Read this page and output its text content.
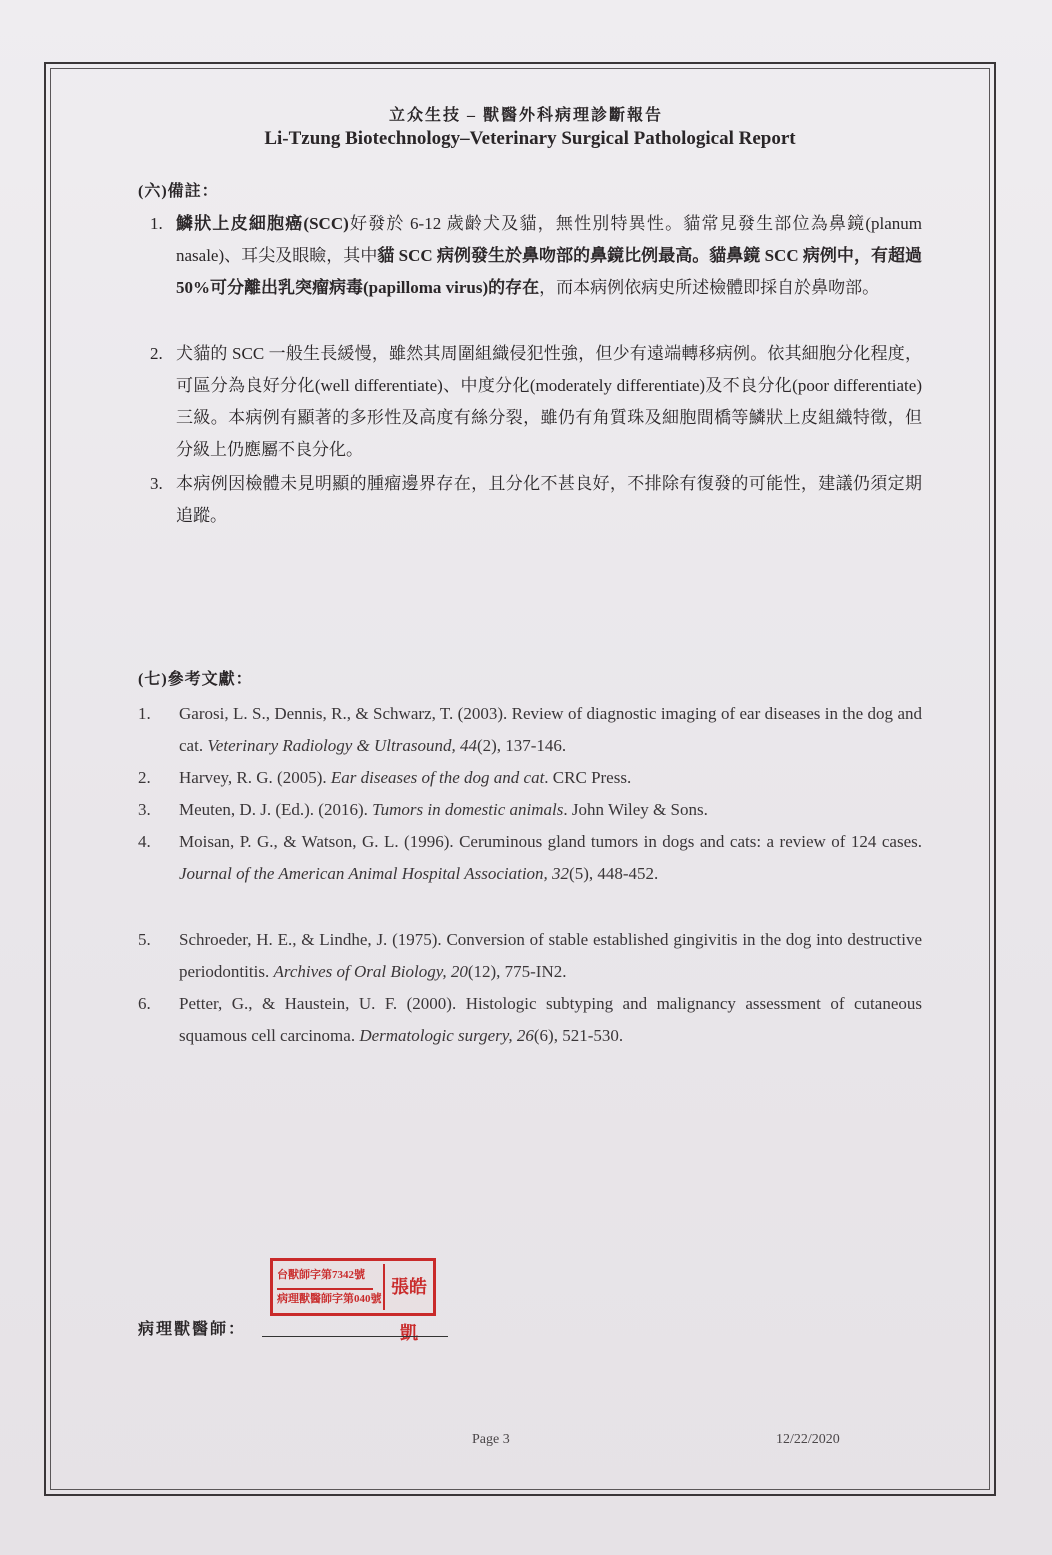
立众生技 – 獸醫外科病理診斷報告
Li-Tzung Biotechnology–Veterinary Surgical Pathological Report
(六)備註：
1. 鱗狀上皮細胞癌(SCC)好發於 6-12 歲齡犬及貓，無性別特異性。貓常見發生部位為鼻鏡(planum nasale)、耳尖及眼瞼，其中貓 SCC 病例發生於鼻吻部的鼻鏡比例最高。貓鼻鏡 SCC 病例中，有超過 50%可分離出乳突瘤病毒(papilloma virus)的存在，而本病例依病史所述檢體即採自於鼻吻部。
2. 犬貓的 SCC 一般生長緩慢，雖然其周圍組織侵犯性強，但少有遠端轉移病例。依其細胞分化程度，可區分為良好分化(well differentiate)、中度分化(moderately differentiate)及不良分化(poor differentiate)三級。本病例有顯著的多形性及高度有絲分裂，雖仍有角質珠及細胞間橋等鱗狀上皮組織特徵，但分級上仍應屬不良分化。
3. 本病例因檢體未見明顯的腫瘤邊界存在，且分化不甚良好，不排除有復發的可能性，建議仍須定期追蹤。
(七)參考文獻：
1. Garosi, L. S., Dennis, R., & Schwarz, T. (2003). Review of diagnostic imaging of ear diseases in the dog and cat. Veterinary Radiology & Ultrasound, 44(2), 137-146.
2. Harvey, R. G. (2005). Ear diseases of the dog and cat. CRC Press.
3. Meuten, D. J. (Ed.). (2016). Tumors in domestic animals. John Wiley & Sons.
4. Moisan, P. G., & Watson, G. L. (1996). Ceruminous gland tumors in dogs and cats: a review of 124 cases. Journal of the American Animal Hospital Association, 32(5), 448-452.
5. Schroeder, H. E., & Lindhe, J. (1975). Conversion of stable established gingivitis in the dog into destructive periodontitis. Archives of Oral Biology, 20(12), 775-IN2.
6. Petter, G., & Haustein, U. F. (2000). Histologic subtyping and malignancy assessment of cutaneous squamous cell carcinoma. Dermatologic surgery, 26(6), 521-530.
台獸師字第7342號
病理獸醫師字第040號
張皓凱
病理獸醫師：
Page 3	12/22/2020
